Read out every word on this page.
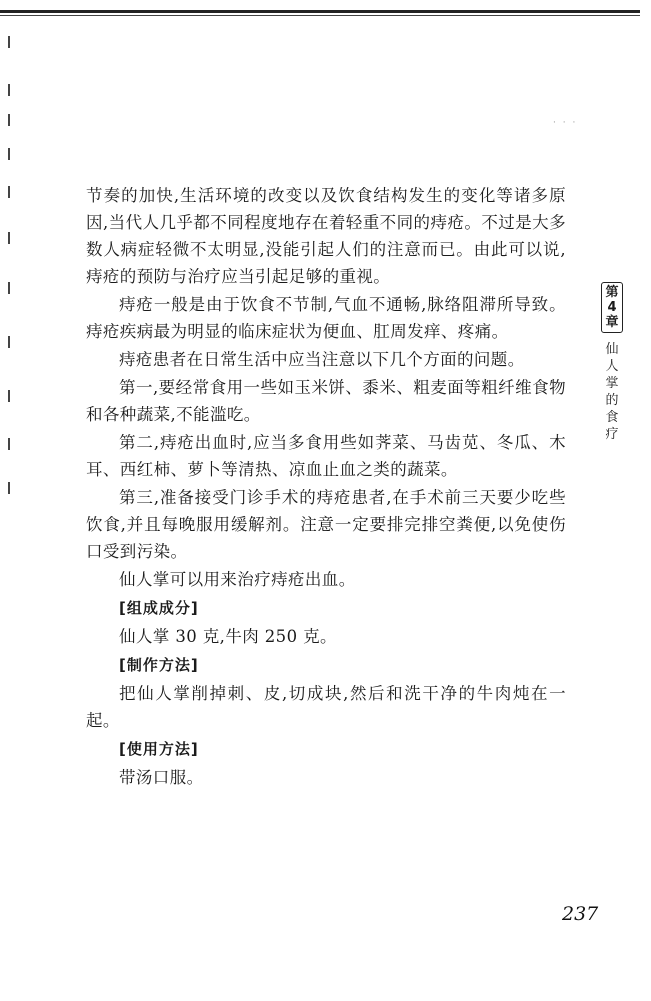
· · ·

节奏的加快,生活环境的改变以及饮食结构发生的变化等诸多原因,当代人几乎都不同程度地存在着轻重不同的痔疮。不过是大多数人病症轻微不太明显,没能引起人们的注意而已。由此可以说,痔疮的预防与治疗应当引起足够的重视。

痔疮一般是由于饮食不节制,气血不通畅,脉络阻滞所导致。痔疮疾病最为明显的临床症状为便血、肛周发痒、疼痛。

痔疮患者在日常生活中应当注意以下几个方面的问题。

第一,要经常食用一些如玉米饼、黍米、粗麦面等粗纤维食物和各种蔬菜,不能滥吃。

第二,痔疮出血时,应当多食用些如荠菜、马齿苋、冬瓜、木耳、西红柿、萝卜等清热、凉血止血之类的蔬菜。

第三,准备接受门诊手术的痔疮患者,在手术前三天要少吃些饮食,并且每晚服用缓解剂。注意一定要排完排空粪便,以免使伤口受到污染。

仙人掌可以用来治疗痔疮出血。

[组成成分]

仙人掌 30 克,牛肉 250 克。

[制作方法]

把仙人掌削掉刺、皮,切成块,然后和洗干净的牛肉炖在一起。

[使用方法]

带汤口服。

第
4
章
仙
人
掌
的
食
疗
237
